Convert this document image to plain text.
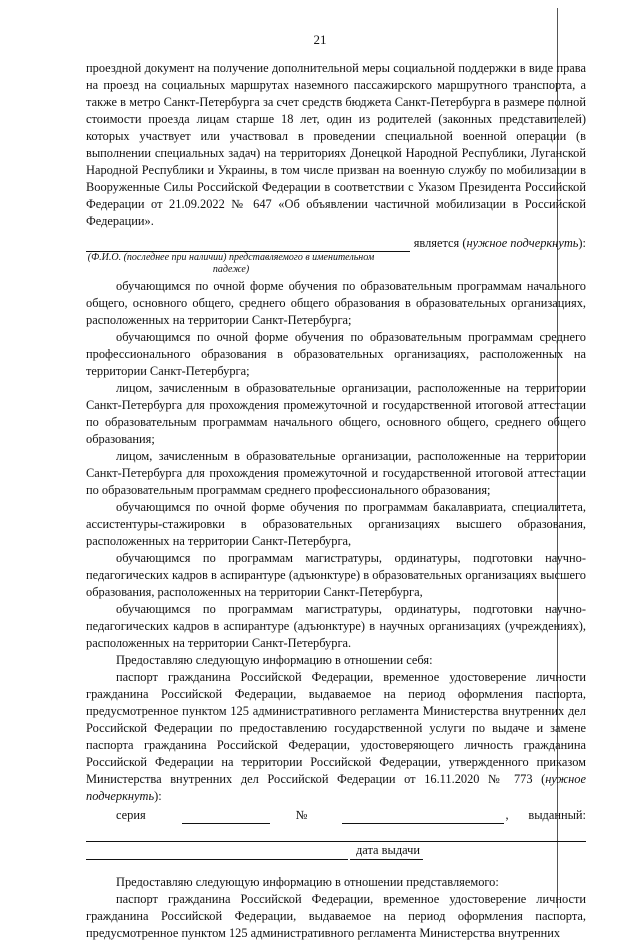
21

проездной документ на получение дополнительной меры социальной поддержки в виде права на проезд на социальных маршрутах наземного пассажирского маршрутного транспорта, а также в метро Санкт-Петербурга за счет средств бюджета Санкт-Петербурга в размере полной стоимости проезда лицам старше 18 лет, один из родителей (законных представителей) которых участвует или участвовал в проведении специальной военной операции (в выполнении специальных задач) на территориях Донецкой Народной Республики, Луганской Народной Республики и Украины, в том числе призван на военную службу по мобилизации в Вооруженные Силы Российской Федерации в соответствии с Указом Президента Российской Федерации от 21.09.2022 № 647 «Об объявлении частичной мобилизации в Российской Федерации».

является (нужное подчеркнуть):
(Ф.И.О. (последнее при наличии) представляемого в именительном падеже)

обучающимся по очной форме обучения по образовательным программам начального общего, основного общего, среднего общего образования в образовательных организациях, расположенных на территории Санкт-Петербурга;

обучающимся по очной форме обучения по образовательным программам среднего профессионального образования в образовательных организациях, расположенных на территории Санкт-Петербурга;

лицом, зачисленным в образовательные организации, расположенные на территории Санкт-Петербурга для прохождения промежуточной и государственной итоговой аттестации по образовательным программам начального общего, основного общего, среднего общего образования;

лицом, зачисленным в образовательные организации, расположенные на территории Санкт-Петербурга для прохождения промежуточной и государственной итоговой аттестации по образовательным программам среднего профессионального образования;

обучающимся по очной форме обучения по программам бакалавриата, специалитета, ассистентуры-стажировки в образовательных организациях высшего образования, расположенных на территории Санкт-Петербурга,

обучающимся по программам магистратуры, ординатуры, подготовки научно-педагогических кадров в аспирантуре (адъюнктуре) в образовательных организациях высшего образования, расположенных на территории Санкт-Петербурга,

обучающимся по программам магистратуры, ординатуры, подготовки научно-педагогических кадров в аспирантуре (адъюнктуре) в научных организациях (учреждениях), расположенных на территории Санкт-Петербурга.

Предоставляю следующую информацию в отношении себя:

паспорт гражданина Российской Федерации, временное удостоверение личности гражданина Российской Федерации, выдаваемое на период оформления паспорта, предусмотренное пунктом 125 административного регламента Министерства внутренних дел Российской Федерации по предоставлению государственной услуги по выдаче и замене паспорта гражданина Российской Федерации, удостоверяющего личность гражданина Российской Федерации на территории Российской Федерации, утвержденного приказом Министерства внутренних дел Российской Федерации от 16.11.2020 № 773 (нужное подчеркнуть):

серия	№	, выданный:
дата выдачи

Предоставляю следующую информацию в отношении представляемого:

паспорт гражданина Российской Федерации, временное удостоверение личности гражданина Российской Федерации, выдаваемое на период оформления паспорта, предусмотренное пунктом 125 административного регламента Министерства внутренних
